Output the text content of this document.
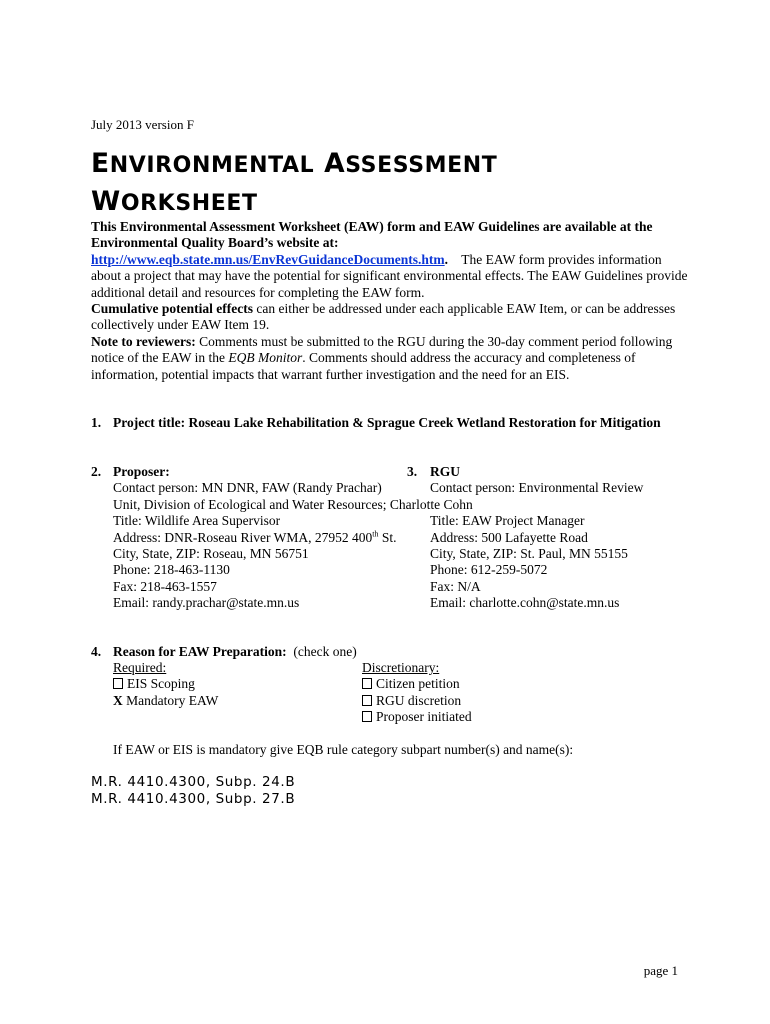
July 2013 version F
ENVIRONMENTAL ASSESSMENT
WORKSHEET

This Environmental Assessment Worksheet (EAW) form and EAW Guidelines are available at the

Environmental Quality Board’s website at:

http://www.eqb.state.mn.us/EnvRevGuidanceDocuments.htm. The EAW form provides information about a project that may have the potential for significant environmental effects. The EAW Guidelines provide additional detail and resources for completing the EAW form.

Cumulative potential effects can either be addressed under each applicable EAW Item, or can be addresses collectively under EAW Item 19.

Note to reviewers: Comments must be submitted to the RGU during the 30-day comment period following notice of the EAW in the EQB Monitor. Comments should address the accuracy and completeness of information, potential impacts that warrant further investigation and the need for an EIS.

1. Project title: Roseau Lake Rehabilitation & Sprague Creek Wetland Restoration for Mitigation
2. Proposer:
Contact person: MN DNR, FAW (Randy Prachar)
Unit, Division of Ecological and Water Resources; Charlotte Cohn
Title: Wildlife Area Supervisor
Address: DNR-Roseau River WMA, 27952 400th St.
City, State, ZIP: Roseau, MN 56751
Phone: 218-463-1130
Fax: 218-463-1557
Email: randy.prachar@state.mn.us
3. RGU
Contact person: Environmental Review
Title: EAW Project Manager
Address: 500 Lafayette Road
City, State, ZIP: St. Paul, MN 55155
Phone: 612-259-5072
Fax: N/A
Email: charlotte.cohn@state.mn.us
4. Reason for EAW Preparation: (check one)
Required:
EIS Scoping
X Mandatory EAW
Discretionary:
Citizen petition
RGU discretion
Proposer initiated
If EAW or EIS is mandatory give EQB rule category subpart number(s) and name(s):
M.R. 4410.4300, Subp. 24.B
M.R. 4410.4300, Subp. 27.B
page 1
